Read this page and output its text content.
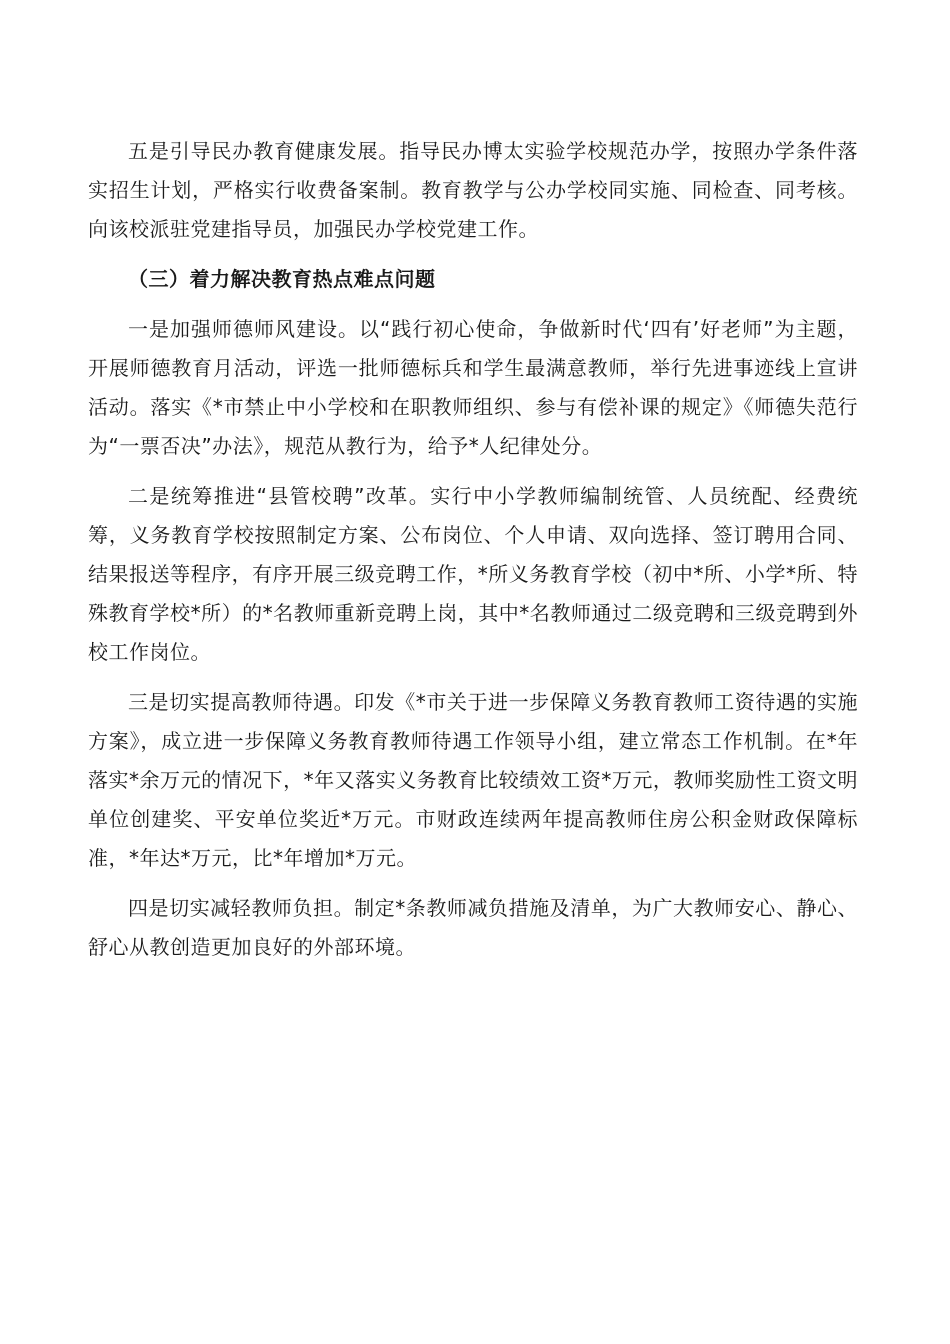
五是引导民办教育健康发展。指导民办博太实验学校规范办学，按照办学条件落实招生计划，严格实行收费备案制。教育教学与公办学校同实施、同检查、同考核。向该校派驻党建指导员，加强民办学校党建工作。

（三）着力解决教育热点难点问题

一是加强师德师风建设。以“践行初心使命，争做新时代‘四有’好老师”为主题，开展师德教育月活动，评选一批师德标兵和学生最满意教师，举行先进事迹线上宣讲活动。落实《*市禁止中小学校和在职教师组织、参与有偿补课的规定》《师德失范行为“一票否决”办法》，规范从教行为，给予*人纪律处分。

二是统筹推进“县管校聘”改革。实行中小学教师编制统管、人员统配、经费统筹，义务教育学校按照制定方案、公布岗位、个人申请、双向选择、签订聘用合同、结果报送等程序，有序开展三级竞聘工作，*所义务教育学校（初中*所、小学*所、特殊教育学校*所）的*名教师重新竞聘上岗，其中*名教师通过二级竞聘和三级竞聘到外校工作岗位。

三是切实提高教师待遇。印发《*市关于进一步保障义务教育教师工资待遇的实施方案》，成立进一步保障义务教育教师待遇工作领导小组，建立常态工作机制。在*年落实*余万元的情况下，*年又落实义务教育比较绩效工资*万元，教师奖励性工资文明单位创建奖、平安单位奖近*万元。市财政连续两年提高教师住房公积金财政保障标准，*年达*万元，比*年增加*万元。

四是切实减轻教师负担。制定*条教师减负措施及清单，为广大教师安心、静心、舒心从教创造更加良好的外部环境。
